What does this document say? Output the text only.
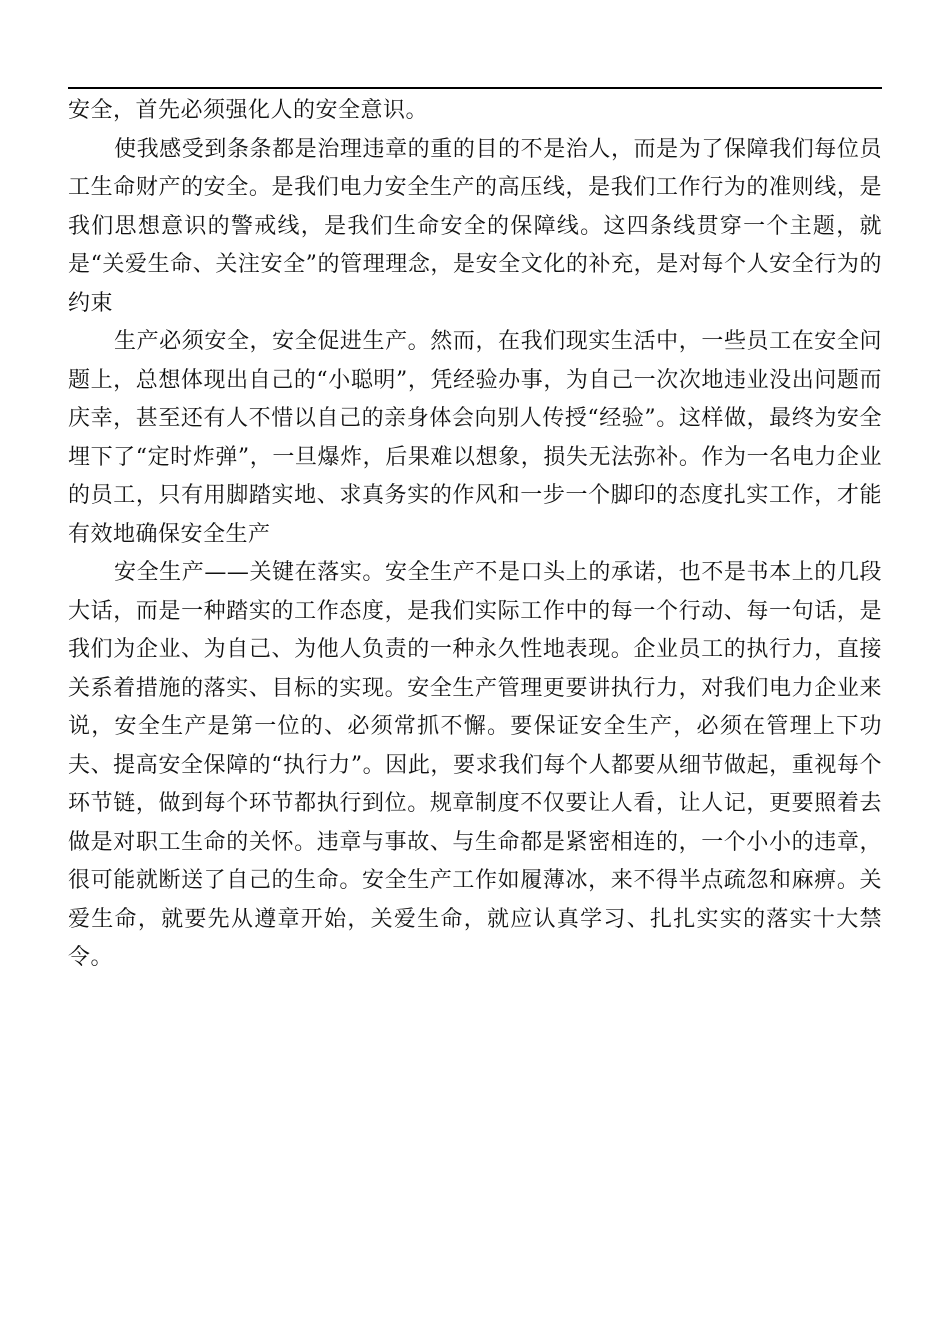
安全，首先必须强化人的安全意识。

使我感受到条条都是治理违章的重的目的不是治人，而是为了保障我们每位员工生命财产的安全。是我们电力安全生产的高压线，是我们工作行为的准则线，是我们思想意识的警戒线，是我们生命安全的保障线。这四条线贯穿一个主题，就是“关爱生命、关注安全”的管理理念，是安全文化的补充，是对每个人安全行为的约束

生产必须安全，安全促进生产。然而，在我们现实生活中，一些员工在安全问题上，总想体现出自己的“小聪明”，凭经验办事，为自己一次次地违业没出问题而庆幸，甚至还有人不惜以自己的亲身体会向别人传授“经验”。这样做，最终为安全埋下了“定时炸弹”，一旦爆炸，后果难以想象，损失无法弥补。作为一名电力企业的员工，只有用脚踏实地、求真务实的作风和一步一个脚印的态度扎实工作，才能有效地确保安全生产

安全生产——关键在落实。安全生产不是口头上的承诺，也不是书本上的几段大话，而是一种踏实的工作态度，是我们实际工作中的每一个行动、每一句话，是我们为企业、为自己、为他人负责的一种永久性地表现。企业员工的执行力，直接关系着措施的落实、目标的实现。安全生产管理更要讲执行力，对我们电力企业来说，安全生产是第一位的、必须常抓不懈。要保证安全生产，必须在管理上下功夫、提高安全保障的“执行力”。因此，要求我们每个人都要从细节做起，重视每个环节链，做到每个环节都执行到位。规章制度不仅要让人看，让人记，更要照着去做是对职工生命的关怀。违章与事故、与生命都是紧密相连的，一个小小的违章，很可能就断送了自己的生命。安全生产工作如履薄冰，来不得半点疏忽和麻痹。关爱生命，就要先从遵章开始，关爱生命，就应认真学习、扎扎实实的落实十大禁令。
